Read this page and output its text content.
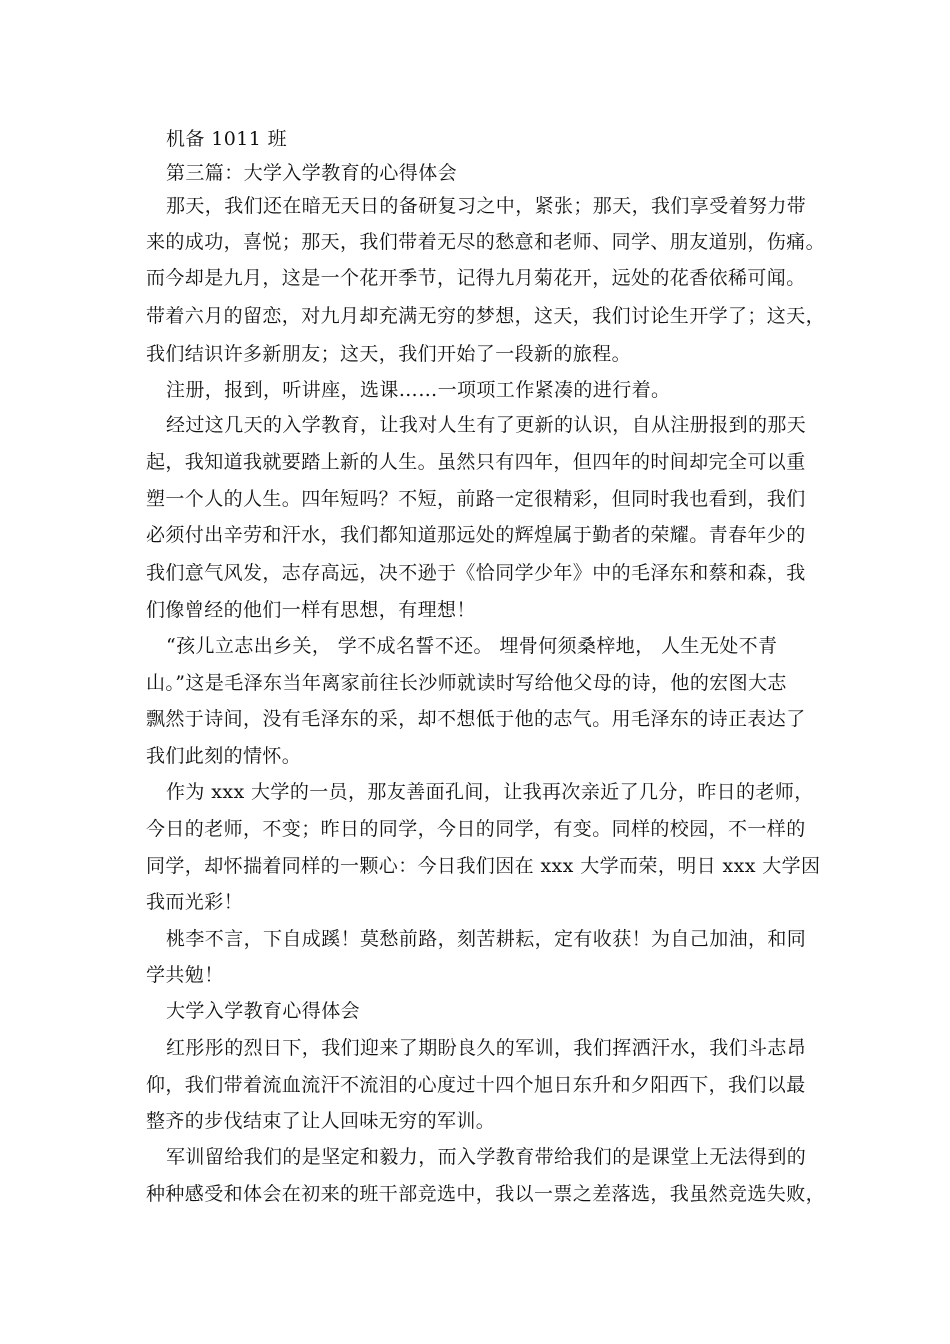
机备 1011 班
第三篇：大学入学教育的心得体会
那天，我们还在暗无天日的备研复习之中，紧张；那天，我们享受着努力带
来的成功，喜悦；那天，我们带着无尽的愁意和老师、同学、朋友道别，伤痛。
而今却是九月，这是一个花开季节，记得九月菊花开，远处的花香依稀可闻。
带着六月的留恋，对九月却充满无穷的梦想，这天，我们讨论生开学了；这天，
我们结识许多新朋友；这天，我们开始了一段新的旅程。
注册，报到，听讲座，选课……一项项工作紧凑的进行着。
经过这几天的入学教育，让我对人生有了更新的认识，自从注册报到的那天
起，我知道我就要踏上新的人生。虽然只有四年，但四年的时间却完全可以重
塑一个人的人生。四年短吗？不短，前路一定很精彩，但同时我也看到，我们
必须付出辛劳和汗水，我们都知道那远处的辉煌属于勤者的荣耀。青春年少的
我们意气风发，志存高远，决不逊于《恰同学少年》中的毛泽东和蔡和森，我
们像曾经的他们一样有思想，有理想！
“孩儿立志出乡关， 学不成名誓不还。 埋骨何须桑梓地， 人生无处不青
山。”这是毛泽东当年离家前往长沙师就读时写给他父母的诗，他的宏图大志
飘然于诗间，没有毛泽东的采，却不想低于他的志气。用毛泽东的诗正表达了
我们此刻的情怀。
作为 xxx 大学的一员，那友善面孔间，让我再次亲近了几分，昨日的老师，
今日的老师，不变；昨日的同学，今日的同学，有变。同样的校园，不一样的
同学，却怀揣着同样的一颗心：今日我们因在 xxx 大学而荣，明日 xxx 大学因
我而光彩！
桃李不言，下自成蹊！莫愁前路，刻苦耕耘，定有收获！为自己加油，和同
学共勉！
大学入学教育心得体会
红彤彤的烈日下，我们迎来了期盼良久的军训，我们挥洒汗水，我们斗志昂
仰，我们带着流血流汗不流泪的心度过十四个旭日东升和夕阳西下，我们以最
整齐的步伐结束了让人回味无穷的军训。
军训留给我们的是坚定和毅力，而入学教育带给我们的是课堂上无法得到的
种种感受和体会在初来的班干部竞选中，我以一票之差落选，我虽然竞选失败，
